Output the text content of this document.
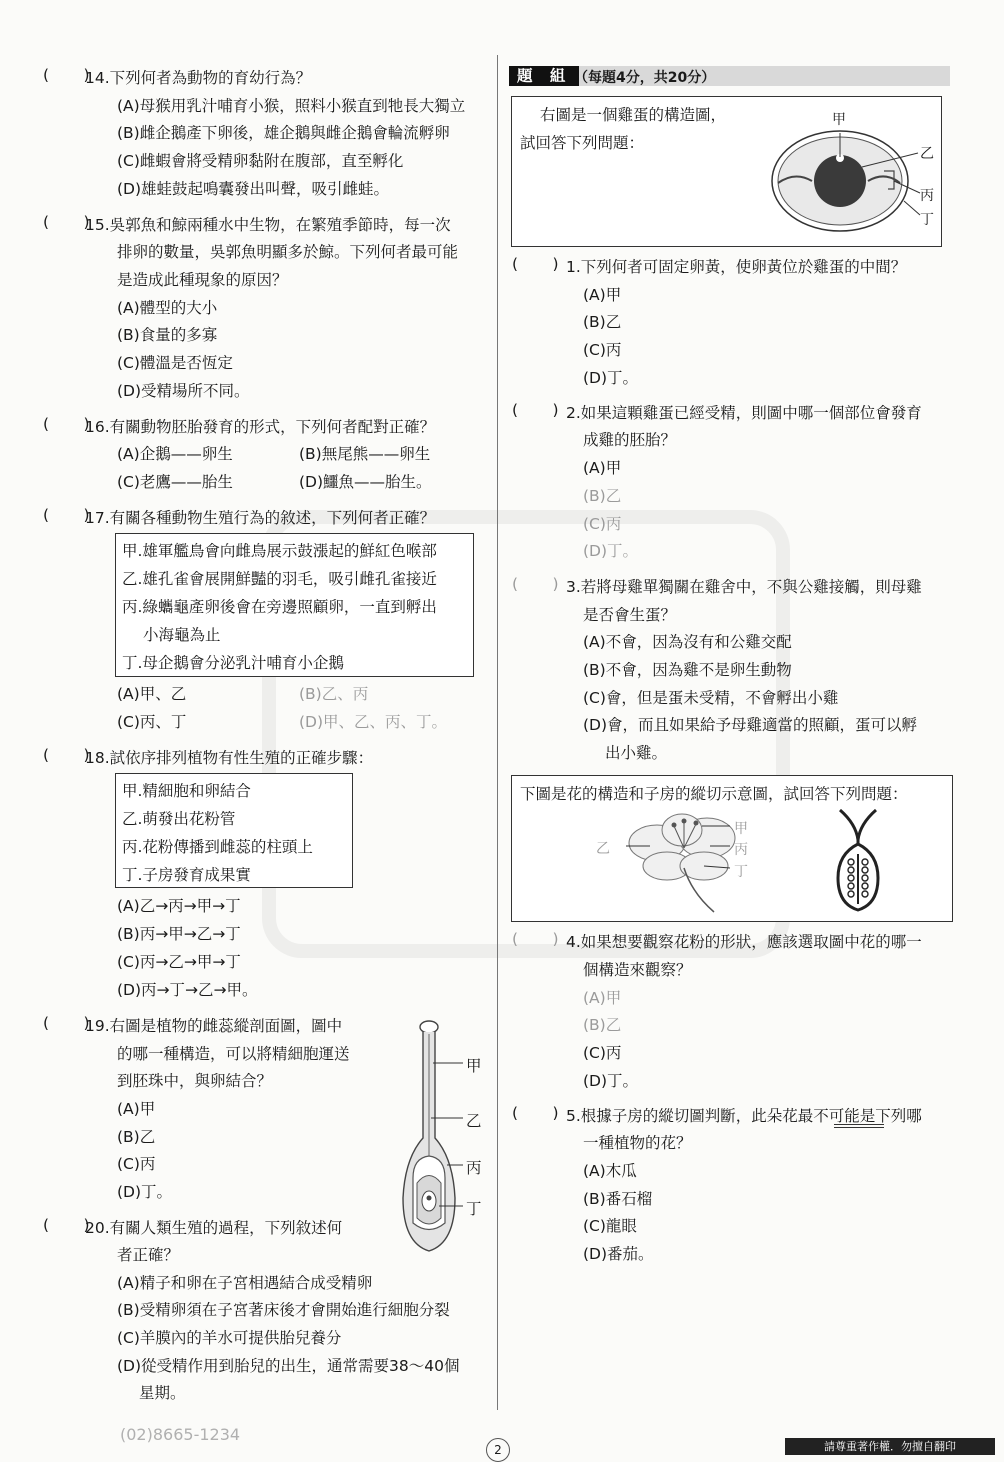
(       )
14.下列何者為動物的育幼行為？
(A)母猴用乳汁哺育小猴，照料小猴直到牠長大獨立
(B)雌企鵝產下卵後，雄企鵝與雌企鵝會輪流孵卵
(C)雌蝦會將受精卵黏附在腹部，直至孵化
(D)雄蛙鼓起鳴囊發出叫聲，吸引雌蛙。
(       )
15.吳郭魚和鯨兩種水中生物，在繁殖季節時，每一次
排卵的數量，吳郭魚明顯多於鯨。下列何者最可能
是造成此種現象的原因？
(A)體型的大小
(B)食量的多寡
(C)體溫是否恆定
(D)受精場所不同。
(       )
16.有關動物胚胎發育的形式，下列何者配對正確？
(A)企鵝——卵生	(B)無尾熊——卵生
(C)老鷹——胎生	(D)鱷魚——胎生。
(       )
17.有關各種動物生殖行為的敘述，下列何者正確？
甲.雄軍艦鳥會向雌鳥展示鼓漲起的鮮紅色喉部
乙.雄孔雀會展開鮮豔的羽毛，吸引雌孔雀接近
丙.綠蠵龜產卵後會在旁邊照顧卵，一直到孵出
小海龜為止
丁.母企鵝會分泌乳汁哺育小企鵝
(A)甲、乙	(B)乙、丙
(C)丙、丁	(D)甲、乙、丙、丁。
(       )
18.試依序排列植物有性生殖的正確步驟：
甲.精細胞和卵結合
乙.萌發出花粉管
丙.花粉傳播到雌蕊的柱頭上
丁.子房發育成果實
(A)乙→丙→甲→丁
(B)丙→甲→乙→丁
(C)丙→乙→甲→丁
(D)丙→丁→乙→甲。
(       )
19.右圖是植物的雌蕊縱剖面圖，圖中
的哪一種構造，可以將精細胞運送
到胚珠中，與卵結合？
(A)甲
(B)乙
(C)丙
(D)丁。
甲
乙
丙
丁
(       )
20.有關人類生殖的過程，下列敘述何
者正確？
(A)精子和卵在子宮相遇結合成受精卵
(B)受精卵須在子宮著床後才會開始進行細胞分裂
(C)羊膜內的羊水可提供胎兒養分
(D)從受精作用到胎兒的出生，通常需要38～40個
星期。
題 組 （每題4分，共20分）
右圖是一個雞蛋的構造圖，
試回答下列問題：
甲
乙
丙
丁
(       ) 1.下列何者可固定卵黃，使卵黃位於雞蛋的中間？
(A)甲
(B)乙
(C)丙
(D)丁。
(       ) 2.如果這顆雞蛋已經受精，則圖中哪一個部位會發育
成雞的胚胎？
(A)甲
(B)乙
(C)丙
(D)丁。
(       ) 3.若將母雞單獨關在雞舍中，不與公雞接觸，則母雞
是否會生蛋？
(A)不會，因為沒有和公雞交配
(B)不會，因為雞不是卵生動物
(C)會，但是蛋未受精，不會孵出小雞
(D)會，而且如果給予母雞適當的照顧，蛋可以孵
出小雞。
下圖是花的構造和子房的縱切示意圖，試回答下列問題：
甲
乙	丙
丁
(       ) 4.如果想要觀察花粉的形狀，應該選取圖中花的哪一
個構造來觀察？
(A)甲
(B)乙
(C)丙
(D)丁。
(       ) 5.根據子房的縱切圖判斷，此朵花最不可能是下列哪
一種植物的花？
(A)木瓜
(B)番石榴
(C)龍眼
(D)番茄。
(02)8665-1234
2	請尊重著作權．勿擅自翻印
